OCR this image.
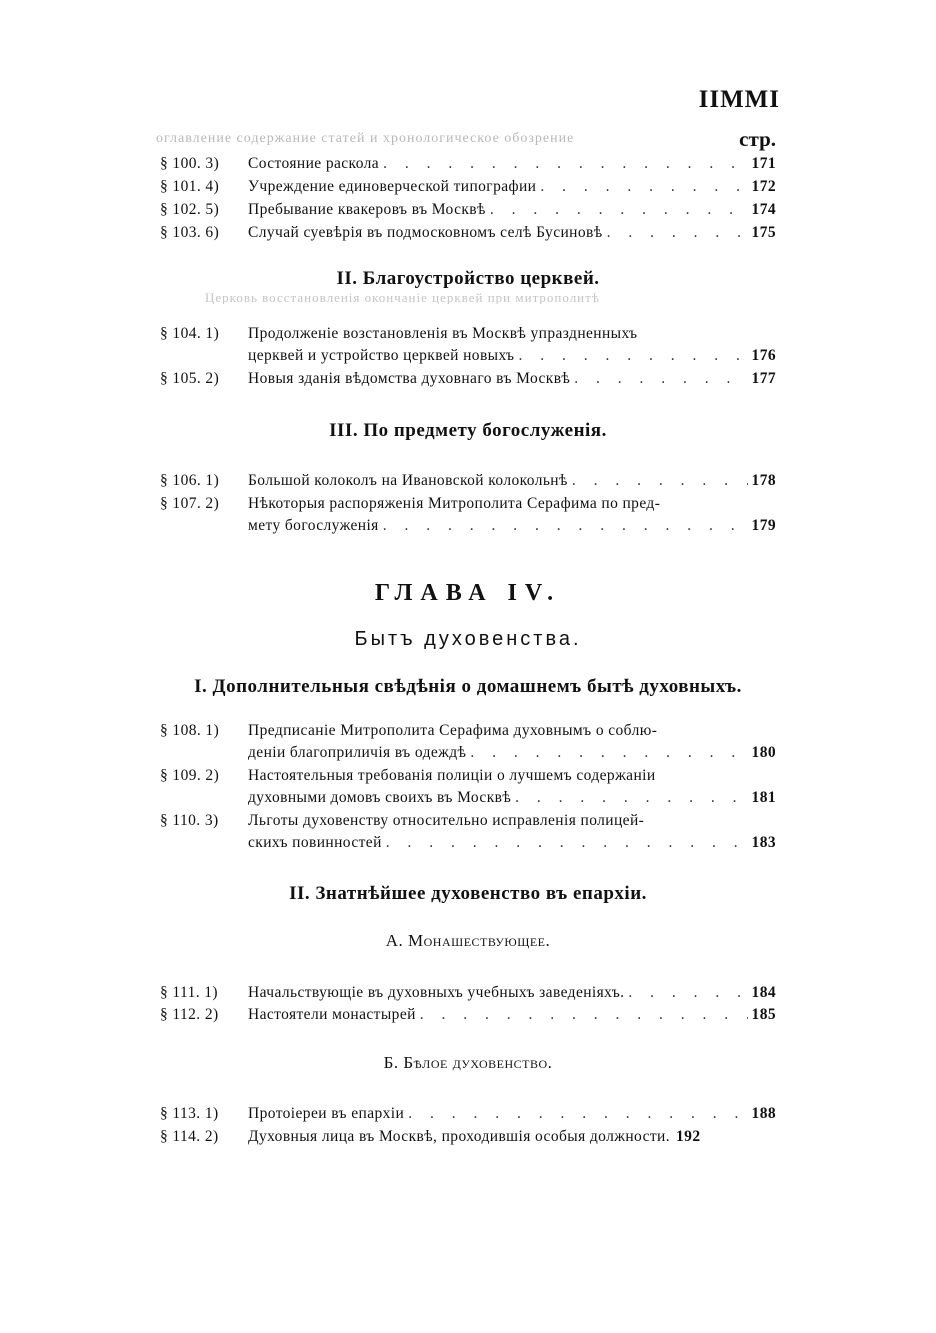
IIMMI
оглавление содержание статей и хронологическое обозрение	стр.
§ 100. 3)	Состояние раскола . . .	171
§ 101. 4)	Учреждение единоверческой типографии . . .	172
§ 102. 5)	Пребывание квакеровъ въ Москвѣ . . .	174
§ 103. 6)	Случай суевѣрія въ подмосковномъ селѣ Бусиновѣ . . .	175
II. Благоустройство церквей.
Церковь восстановленія окончаніе церквей при митрополитѣ
§ 104. 1)	Продолженіе возстановленія въ Москвѣ упраздненныхъ
церквей и устройство церквей новыхъ . . .	176
§ 105. 2)	Новыя зданія вѣдомства духовнаго въ Москвѣ . . .	177
III. По предмету богослуженія.
§ 106. 1)	Большой колоколъ на Ивановской колокольнѣ . . .	178
§ 107. 2)	Нѣкоторыя распоряженія Митрополита Серафима по пред-
мету богослуженія . . .	179
ГЛАВА IV.
Бытъ духовенства.
I. Дополнительныя свѣдѣнія о домашнемъ бытѣ духовныхъ.
§ 108. 1)	Предписаніе Митрополита Серафима духовнымъ о соблю-
деніи благоприличія въ одеждѣ . . .	180
§ 109. 2)	Настоятельныя требованія полиціи о лучшемъ содержаніи
духовными домовъ своихъ въ Москвѣ . . .	181
§ 110. 3)	Льготы духовенству относительно исправленія полицей-
скихъ повинностей . . .	183
II. Знатнѣйшее духовенство въ епархіи.
А. Монашествующее.
§ 111. 1)	Начальствующіе въ духовныхъ учебныхъ заведеніяхъ. . . .	184
§ 112. 2)	Настоятели монастырей . . .	185
Б. Бѣлое духовенство.
§ 113. 1)	Протоіереи въ епархіи . . .	188
§ 114. 2)	Духовныя лица въ Москвѣ, проходившія особыя должности. 192
